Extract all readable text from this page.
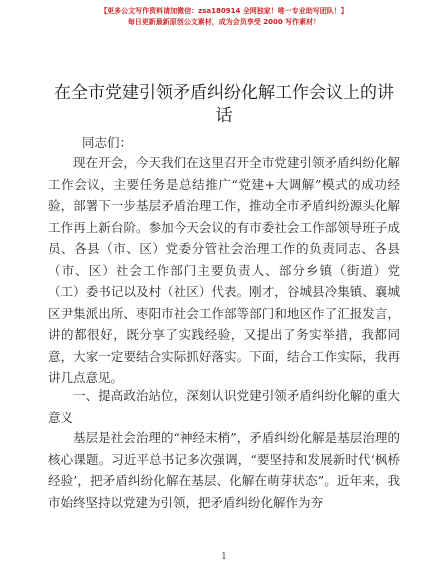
【更多公文写作资料请加微信：zsa180914 全网独家！唯一专业助写团队！】
每日更新最新原创公文素材，成为会员享受 2000 写作素材！
在全市党建引领矛盾纠纷化解工作会议上的讲话
同志们：

现在开会，今天我们在这里召开全市党建引领矛盾纠纷化解工作会议，主要任务是总结推广“党建+大调解”模式的成功经验，部署下一步基层矛盾治理工作，推动全市矛盾纠纷源头化解工作再上新台阶。参加今天会议的有市委社会工作部领导班子成员、各县（市、区）党委分管社会治理工作的负责同志、各县（市、区）社会工作部门主要负责人、部分乡镇（街道）党（工）委书记以及村（社区）代表。刚才，谷城县冷集镇、襄城区尹集派出所、枣阳市社会工作部等部门和地区作了汇报发言，讲的都很好，既分享了实践经验，又提出了务实举措，我都同意，大家一定要结合实际抓好落实。下面，结合工作实际，我再讲几点意见。

一、提高政治站位，深刻认识党建引领矛盾纠纷化解的重大意义

基层是社会治理的“神经末梢”，矛盾纠纷化解是基层治理的核心课题。习近平总书记多次强调，“要坚持和发展新时代‘枫桥经验’，把矛盾纠纷化解在基层、化解在萌芽状态”。近年来，我市始终坚持以党建为引领，把矛盾纠纷化解作为夯

1
